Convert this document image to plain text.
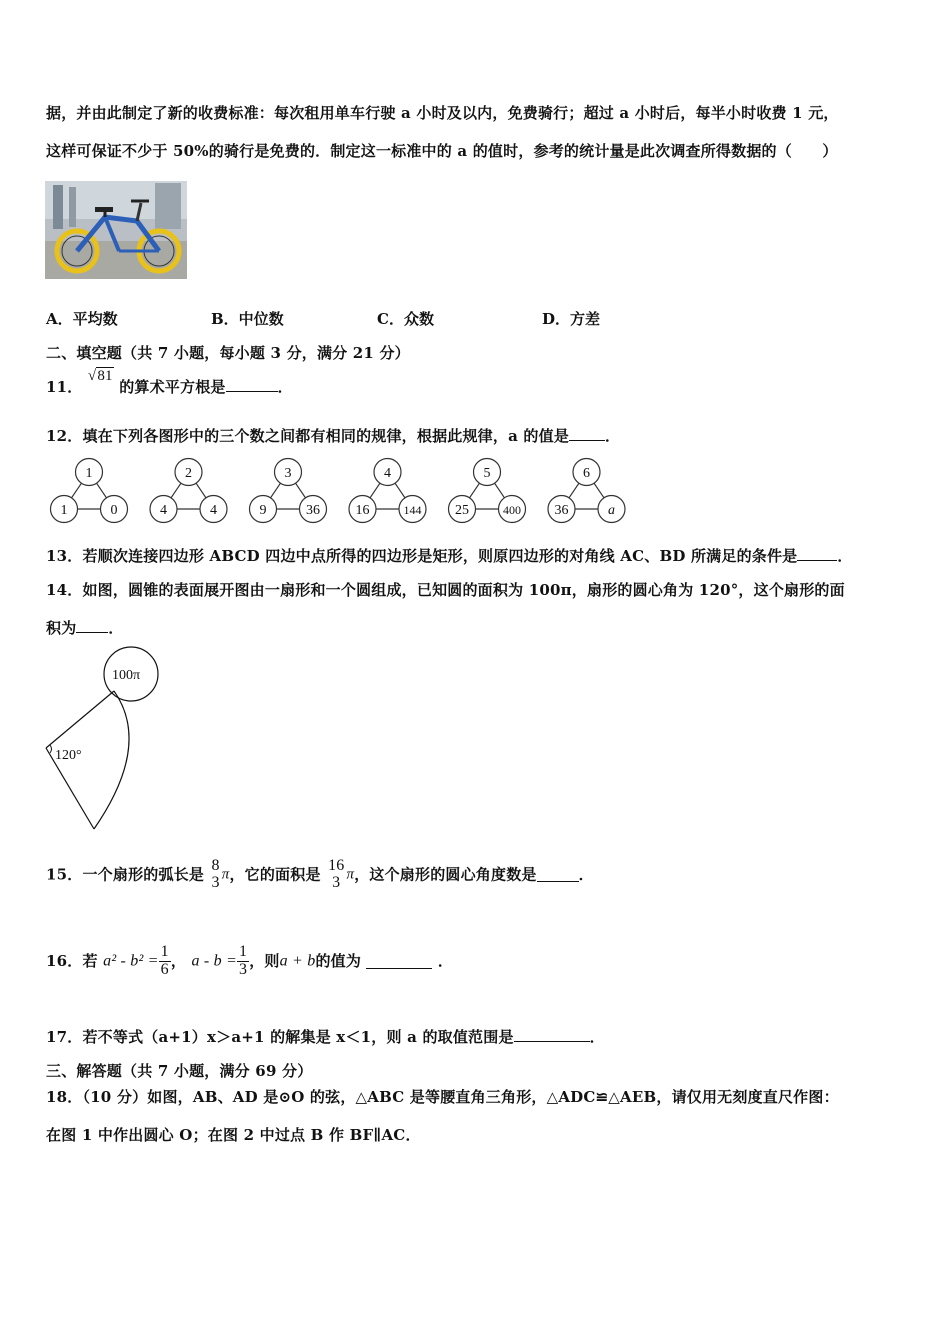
据，并由此制定了新的收费标准：每次租用单车行驶 a 小时及以内，免费骑行；超过 a 小时后，每半小时收费 1 元，
这样可保证不少于 50%的骑行是免费的．制定这一标准中的 a 的值时，参考的统计量是此次调查所得数据的（　　）
A．平均数	B．中位数	C．众数	D．方差
二、填空题（共 7 小题，每小题 3 分，满分 21 分）
11． √81 的算术平方根是	．
12．填在下列各图形中的三个数之间都有相同的规律，根据此规律，a 的值是 ．
1
1	0
2
4	4
3
9	36
4
16	144
5
25	400
6
36	a
13．若顺次连接四边形 ABCD 四边中点所得的四边形是矩形，则原四边形的对角线 AC、BD 所满足的条件是	．
14．如图，圆锥的表面展开图由一扇形和一个圆组成，已知圆的面积为 100π，扇形的圆心角为 120°，这个扇形的面
积为 ．
100π
120°
15．一个扇形的弧长是 8
3 π，它的面积是 16
3 π，这个扇形的圆心角度数是	．
16．若 $a^2 - b^2 = \frac{1}{6}$ ， $a - b = \frac{1}{3}$ ，则a + b的值为	．
17．若不等式（a+1）x＞a+1 的解集是 x＜1，则 a 的取值范围是	．
三、解答题（共 7 小题，满分 69 分）
18．（10 分）如图，AB、AD 是⊙O 的弦，△ABC 是等腰直角三角形，△ADC≌△AEB，请仅用无刻度直尺作图：
在图 1 中作出圆心 O；在图 2 中过点 B 作 BF∥AC．
